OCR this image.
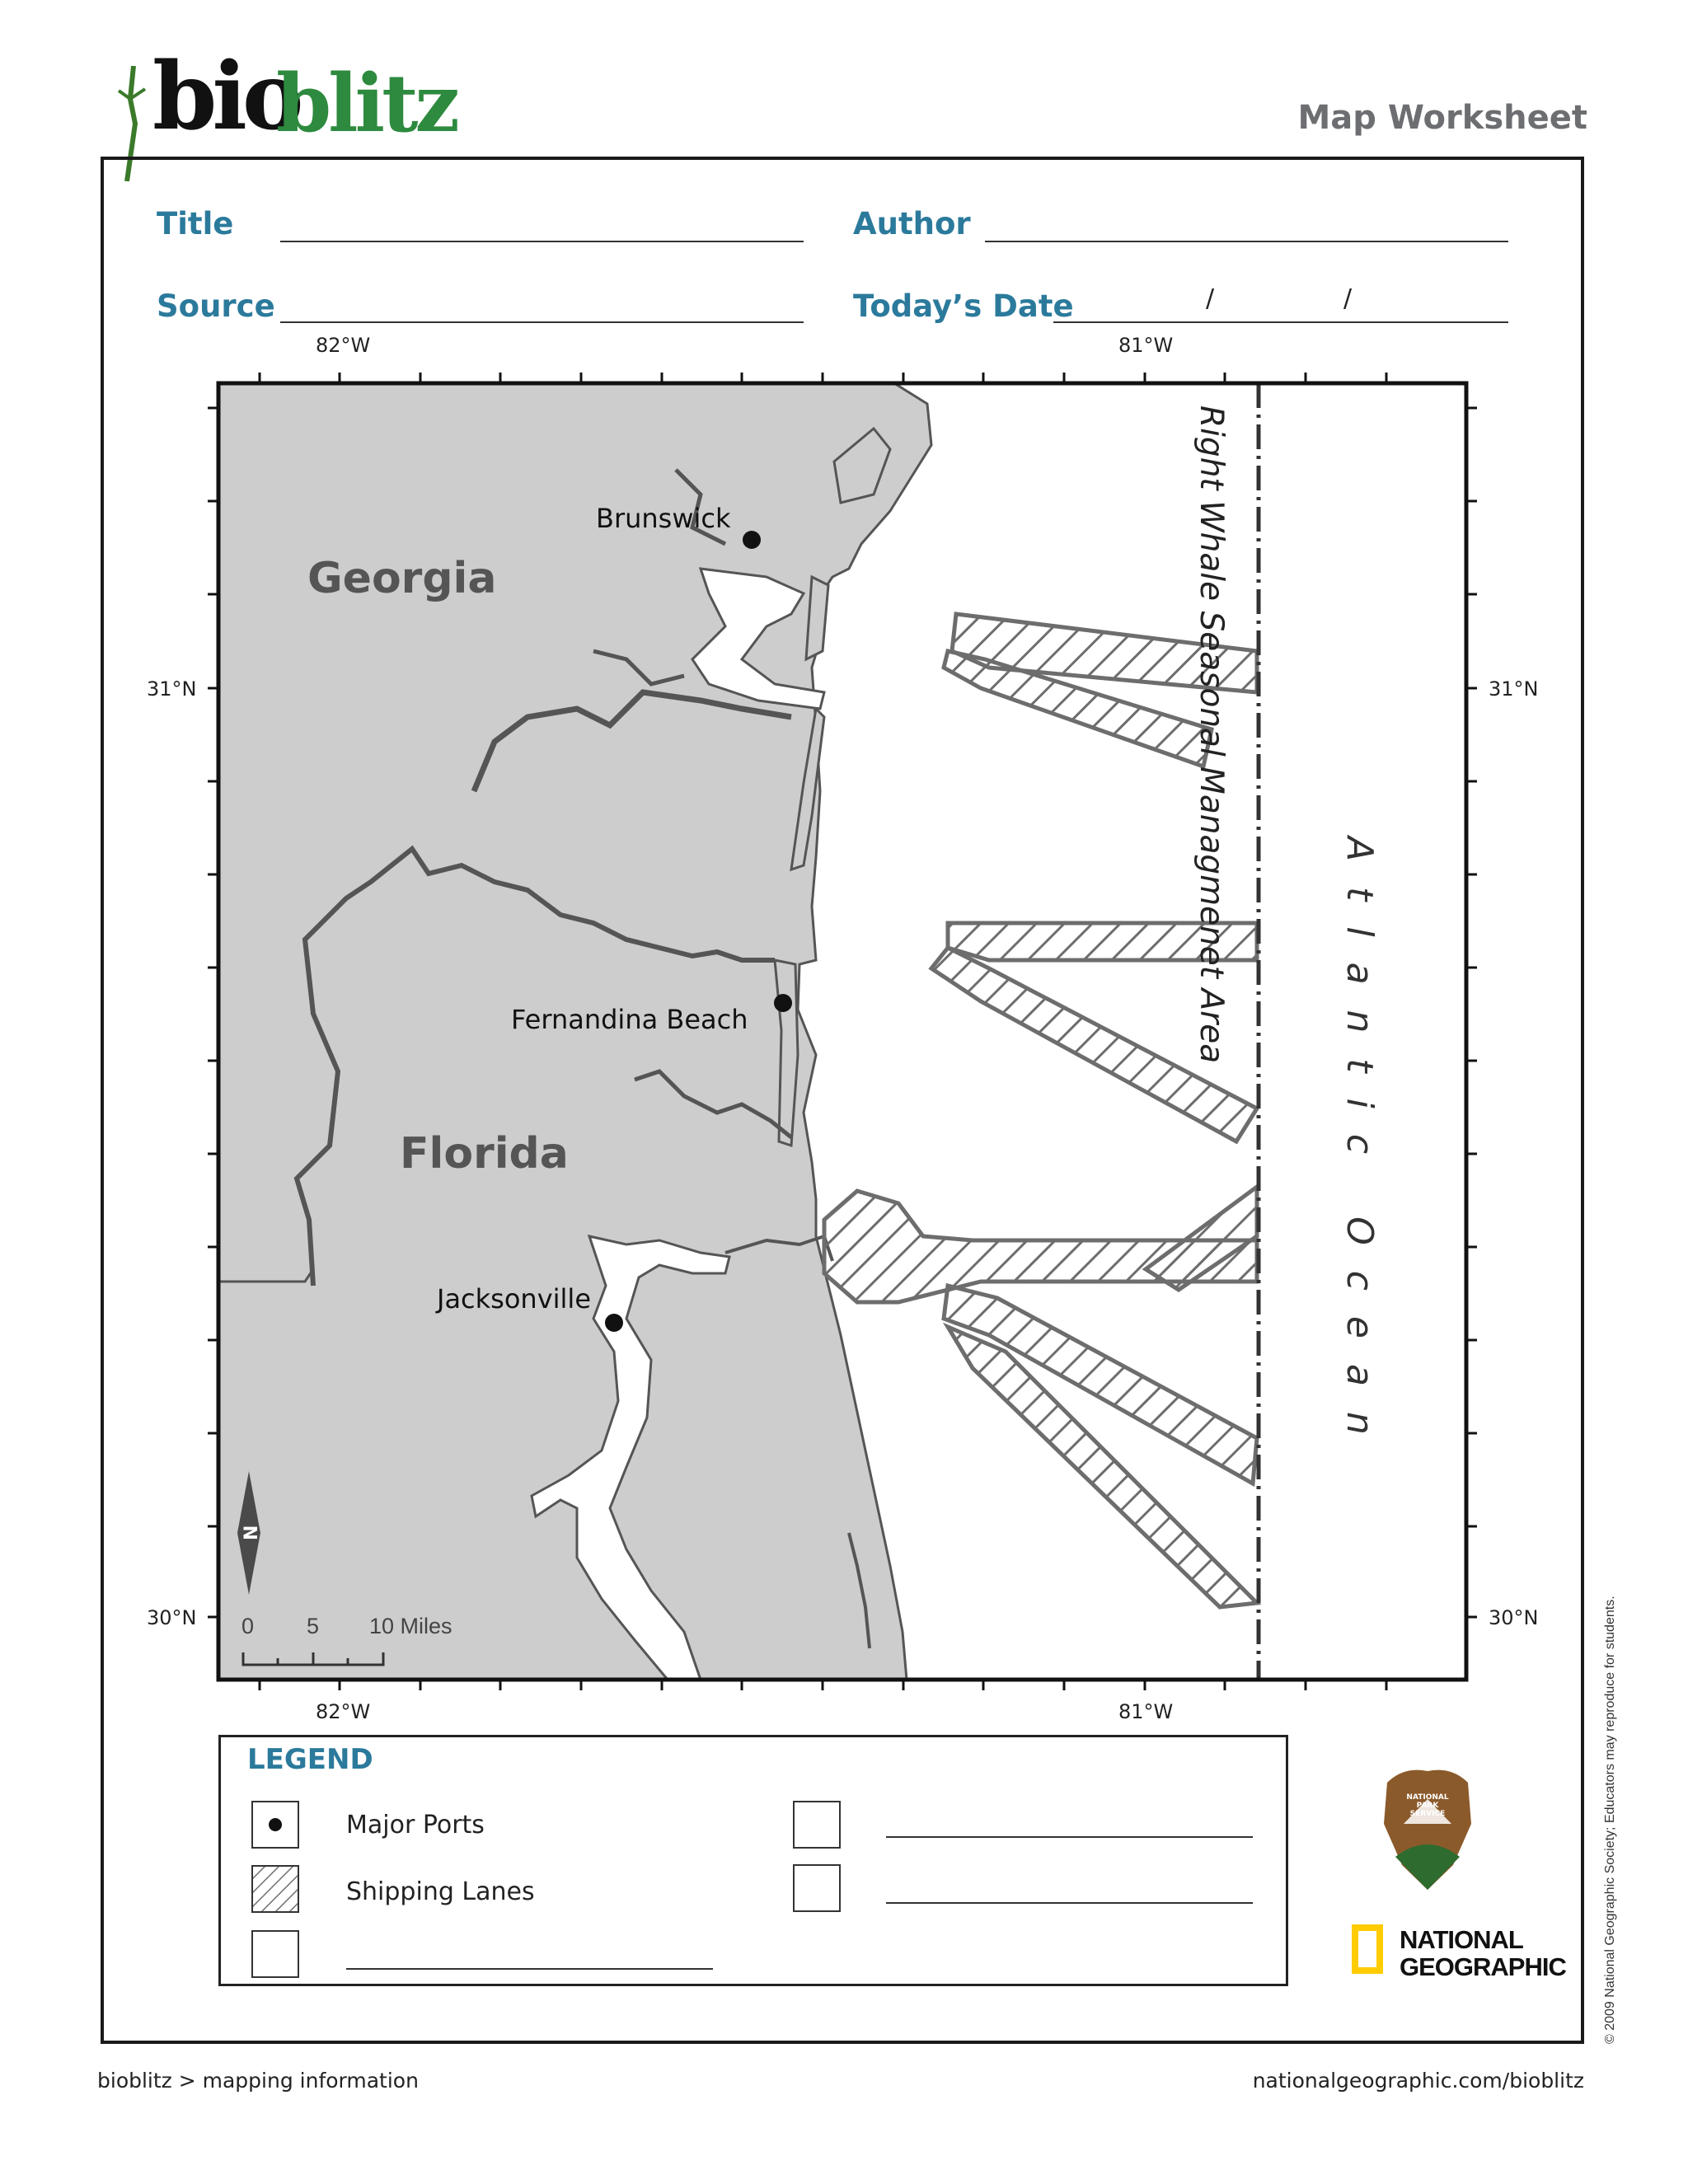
bio
blitz	Map Worksheet
Title	Author
Source	Today’s Date	/	/
82°W	81°W
82°W	81°W
31°N	31°N
30°N	30°N
N
0 5 10 Miles
Brunswick
Fernandina Beach
Jacksonville
Georgia
Florida
Right Whale Seasonal Managmenet Area
Atlantic Ocean
LEGEND
Major Ports
Shipping Lanes
NATIONAL
PARK
SERVICE
NATIONAL
GEOGRAPHIC	© 2009 National Geographic Society; Educators may reproduce for students.
bioblitz > mapping information	nationalgeographic.com/bioblitz
